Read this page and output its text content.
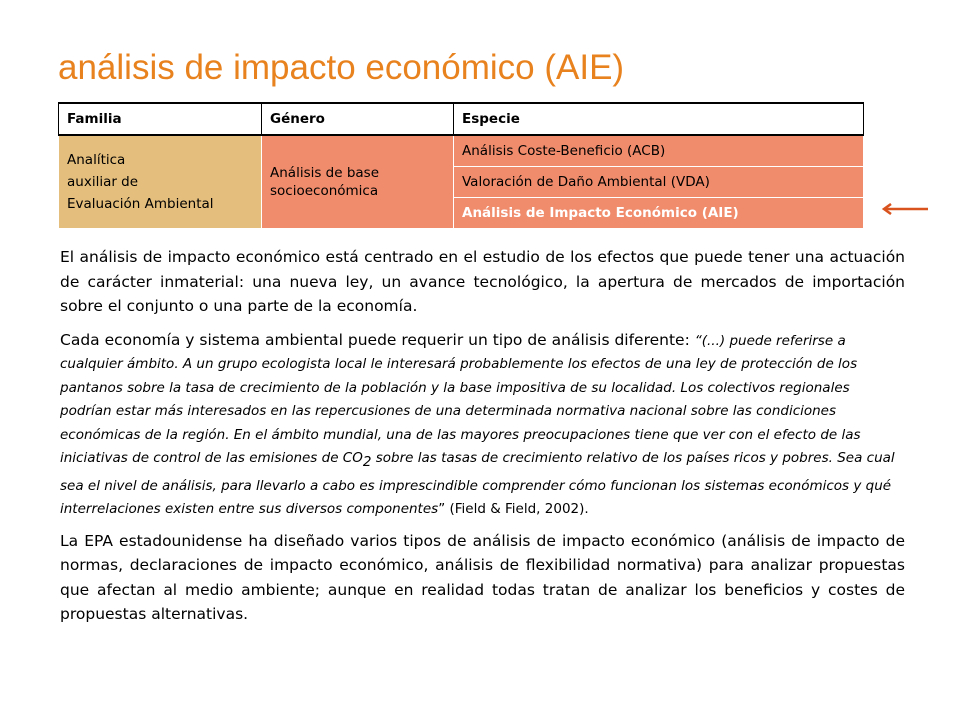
análisis de impacto económico (AIE)
Familia	Género	Especie

Analítica
auxiliar de
Evaluación Ambiental	Análisis de base socioeconómica	Análisis Coste-Beneficio (ACB)
		Valoración de Daño Ambiental (VDA)
		Análisis de Impacto Económico (AIE)

El análisis de impacto económico está centrado en el estudio de los efectos que puede tener una actuación de carácter inmaterial: una nueva ley, un avance tecnológico, la apertura de mercados de importación sobre el conjunto o una parte de la economía.

Cada economía y sistema ambiental puede requerir un tipo de análisis diferente: “(...) puede referirse a cualquier ámbito. A un grupo ecologista local le interesará probablemente los efectos de una ley de protección de los pantanos sobre la tasa de crecimiento de la población y la base impositiva de su localidad. Los colectivos regionales podrían estar más interesados en las repercusiones de una determinada normativa nacional sobre las condiciones económicas de la región. En el ámbito mundial, una de las mayores preocupaciones tiene que ver con el efecto de las iniciativas de control de las emisiones de $CO_2$ sobre las tasas de crecimiento relativo de los países ricos y pobres. Sea cual sea el nivel de análisis, para llevarlo a cabo es imprescindible comprender cómo funcionan los sistemas económicos y qué interrelaciones existen entre sus diversos componentes” (Field & Field, 2002).

La EPA estadounidense ha diseñado varios tipos de análisis de impacto económico (análisis de impacto de normas, declaraciones de impacto económico, análisis de flexibilidad normativa) para analizar propuestas que afectan al medio ambiente; aunque en realidad todas tratan de analizar los beneficios y costes de propuestas alternativas.
